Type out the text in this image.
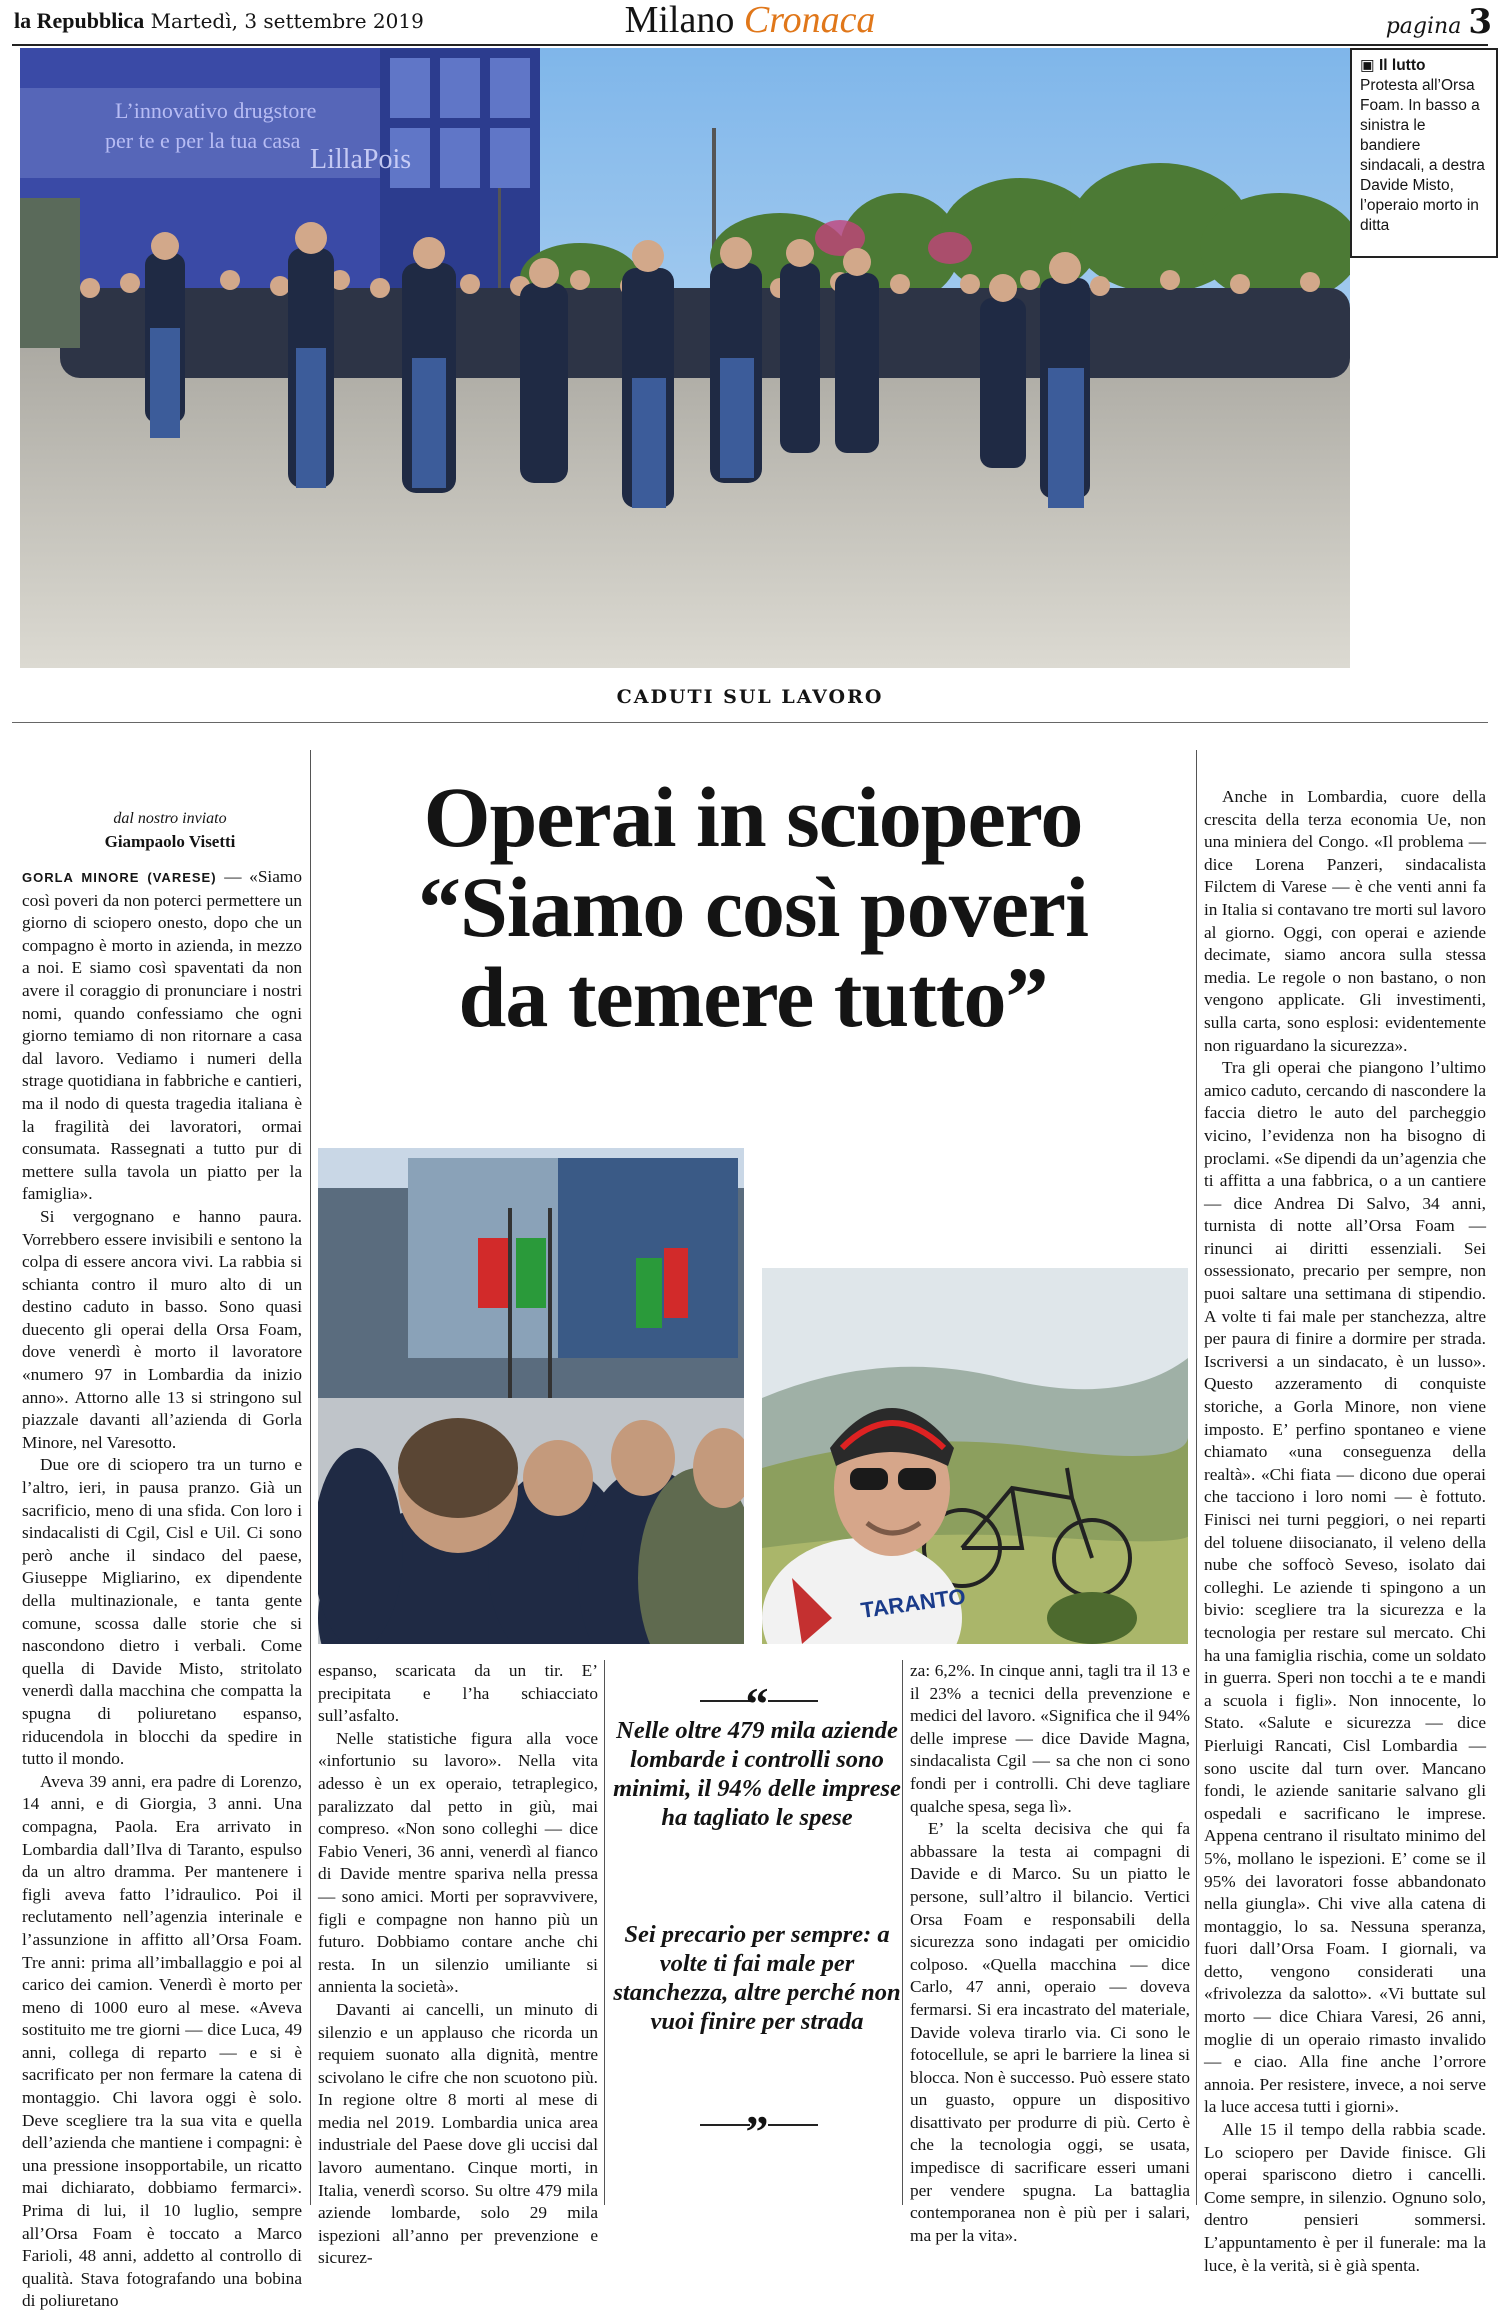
la Repubblica Martedì, 3 settembre 2019	Milano Cronaca	pagina 3
L’innovativo drugstore
per te e per la tua casa
LillaPois
▣ Il lutto
Protesta all’Orsa Foam. In basso a sinistra le bandiere sindacali, a destra Davide Misto, l’operaio morto in ditta
CADUTI SUL LAVORO
dal nostro inviato
Giampaolo Visetti

GORLA MINORE (VARESE) — «Siamo così poveri da non poterci permettere un giorno di sciopero onesto, dopo che un compagno è morto in azienda, in mezzo a noi. E siamo così spaventati da non avere il coraggio di pronunciare i nostri nomi, quando confessiamo che ogni giorno temiamo di non ritornare a casa dal lavoro. Vediamo i numeri della strage quotidiana in fabbriche e cantieri, ma il nodo di questa tragedia italiana è la fragilità dei lavoratori, ormai consumata. Rassegnati a tutto pur di mettere sulla tavola un piatto per la famiglia».

Si vergognano e hanno paura. Vorrebbero essere invisibili e sentono la colpa di essere ancora vivi. La rabbia si schianta contro il muro alto di un destino caduto in basso. Sono quasi duecento gli operai della Orsa Foam, dove venerdì è morto il lavoratore «numero 97 in Lombardia da inizio anno». Attorno alle 13 si stringono sul piazzale davanti all’azienda di Gorla Minore, nel Varesotto.

Due ore di sciopero tra un turno e l’altro, ieri, in pausa pranzo. Già un sacrificio, meno di una sfida. Con loro i sindacalisti di Cgil, Cisl e Uil. Ci sono però anche il sindaco del paese, Giuseppe Migliarino, ex dipendente della multinazionale, e tanta gente comune, scossa dalle storie che si nascondono dietro i verbali. Come quella di Davide Misto, stritolato venerdì dalla macchina che compatta la spugna di poliuretano espanso, riducendola in blocchi da spedire in tutto il mondo.

Aveva 39 anni, era padre di Lorenzo, 14 anni, e di Giorgia, 3 anni. Una compagna, Paola. Era arrivato in Lombardia dall’Ilva di Taranto, espulso da un altro dramma. Per mantenere i figli aveva fatto l’idraulico. Poi il reclutamento nell’agenzia interinale e l’assunzione in affitto all’Orsa Foam. Tre anni: prima all’imballaggio e poi al carico dei camion. Venerdì è morto per meno di 1000 euro al mese. «Aveva sostituito me tre giorni — dice Luca, 49 anni, collega di reparto — e si è sacrificato per non fermare la catena di montaggio. Chi lavora oggi è solo. Deve scegliere tra la sua vita e quella dell’azienda che mantiene i compagni: è una pressione insopportabile, un ricatto mai dichiarato, dobbiamo fermarci». Prima di lui, il 10 luglio, sempre all’Orsa Foam è toccato a Marco Farioli, 48 anni, addetto al controllo di qualità. Stava fotografando una bobina di poliuretano

Operai in sciopero
“Siamo così poveri
da temere tutto”
TARANTO

espanso, scaricata da un tir. E’ precipitata e l’ha schiacciato sull’asfalto.

Nelle statistiche figura alla voce «infortunio su lavoro». Nella vita adesso è un ex operaio, tetraplegico, paralizzato dal petto in giù, mai compreso. «Non sono colleghi — dice Fabio Veneri, 36 anni, venerdì al fianco di Davide mentre spariva nella pressa — sono amici. Morti per sopravvivere, figli e compagne non hanno più un futuro. Dobbiamo contare anche chi resta. In un silenzio umiliante si annienta la società».

Davanti ai cancelli, un minuto di silenzio e un applauso che ricorda un requiem suonato alla dignità, mentre scivolano le cifre che non scuotono più. In regione oltre 8 morti al mese di media nel 2019. Lombardia unica area industriale del Paese dove gli uccisi dal lavoro aumentano. Cinque morti, in Italia, venerdì scorso. Su oltre 479 mila aziende lombarde, solo 29 mila ispezioni all’anno per prevenzione e sicurez-

“
Nelle oltre 479 mila aziende lombarde i controlli sono minimi, il 94% delle imprese ha tagliato le spese
Sei precario per sempre: a volte ti fai male per stanchezza, altre perché non vuoi finire per strada
”

za: 6,2%. In cinque anni, tagli tra il 13 e il 23% a tecnici della prevenzione e medici del lavoro. «Significa che il 94% delle imprese — dice Davide Magna, sindacalista Cgil — sa che non ci sono fondi per i controlli. Chi deve tagliare qualche spesa, sega lì».

E’ la scelta decisiva che qui fa abbassare la testa ai compagni di Davide e di Marco. Su un piatto le persone, sull’altro il bilancio. Vertici Orsa Foam e responsabili della sicurezza sono indagati per omicidio colposo. «Quella macchina — dice Carlo, 47 anni, operaio — doveva fermarsi. Si era incastrato del materiale, Davide voleva tirarlo via. Ci sono le fotocellule, se apri le barriere la linea si blocca. Non è successo. Può essere stato un guasto, oppure un dispositivo disattivato per produrre di più. Certo è che la tecnologia oggi, se usata, impedisce di sacrificare esseri umani per vendere spugna. La battaglia contemporanea non è più per i salari, ma per la vita».

Anche in Lombardia, cuore della crescita della terza economia Ue, non una miniera del Congo. «Il problema — dice Lorena Panzeri, sindacalista Filctem di Varese — è che venti anni fa in Italia si contavano tre morti sul lavoro al giorno. Oggi, con operai e aziende decimate, siamo ancora sulla stessa media. Le regole o non bastano, o non vengono applicate. Gli investimenti, sulla carta, sono esplosi: evidentemente non riguardano la sicurezza».

Tra gli operai che piangono l’ultimo amico caduto, cercando di nascondere la faccia dietro le auto del parcheggio vicino, l’evidenza non ha bisogno di proclami. «Se dipendi da un’agenzia che ti affitta a una fabbrica, o a un cantiere — dice Andrea Di Salvo, 34 anni, turnista di notte all’Orsa Foam — rinunci ai diritti essenziali. Sei ossessionato, precario per sempre, non puoi saltare una settimana di stipendio. A volte ti fai male per stanchezza, altre per paura di finire a dormire per strada. Iscriversi a un sindacato, è un lusso». Questo azzeramento di conquiste storiche, a Gorla Minore, non viene imposto. E’ perfino spontaneo e viene chiamato «una conseguenza della realtà». «Chi fiata — dicono due operai che tacciono i loro nomi — è fottuto. Finisci nei turni peggiori, o nei reparti del toluene diisocianato, il veleno della nube che soffocò Seveso, isolato dai colleghi. Le aziende ti spingono a un bivio: scegliere tra la sicurezza e la tecnologia per restare sul mercato. Chi ha una famiglia rischia, come un soldato in guerra. Speri non tocchi a te e mandi a scuola i figli». Non innocente, lo Stato. «Salute e sicurezza — dice Pierluigi Rancati, Cisl Lombardia — sono uscite dal turn over. Mancano fondi, le aziende sanitarie salvano gli ospedali e sacrificano le imprese. Appena centrano il risultato minimo del 5%, mollano le ispezioni. E’ come se il 95% dei lavoratori fosse abbandonato nella giungla». Chi vive alla catena di montaggio, lo sa. Nessuna speranza, fuori dall’Orsa Foam. I giornali, va detto, vengono considerati una «frivolezza da salotto». «Vi buttate sul morto — dice Chiara Varesi, 26 anni, moglie di un operaio rimasto invalido — e ciao. Alla fine anche l’orrore annoia. Per resistere, invece, a noi serve la luce accesa tutti i giorni».

Alle 15 il tempo della rabbia scade. Lo sciopero per Davide finisce. Gli operai spariscono dietro i cancelli. Come sempre, in silenzio. Ognuno solo, dentro pensieri sommersi. L’appuntamento è per il funerale: ma la luce, è la verità, si è già spenta.
